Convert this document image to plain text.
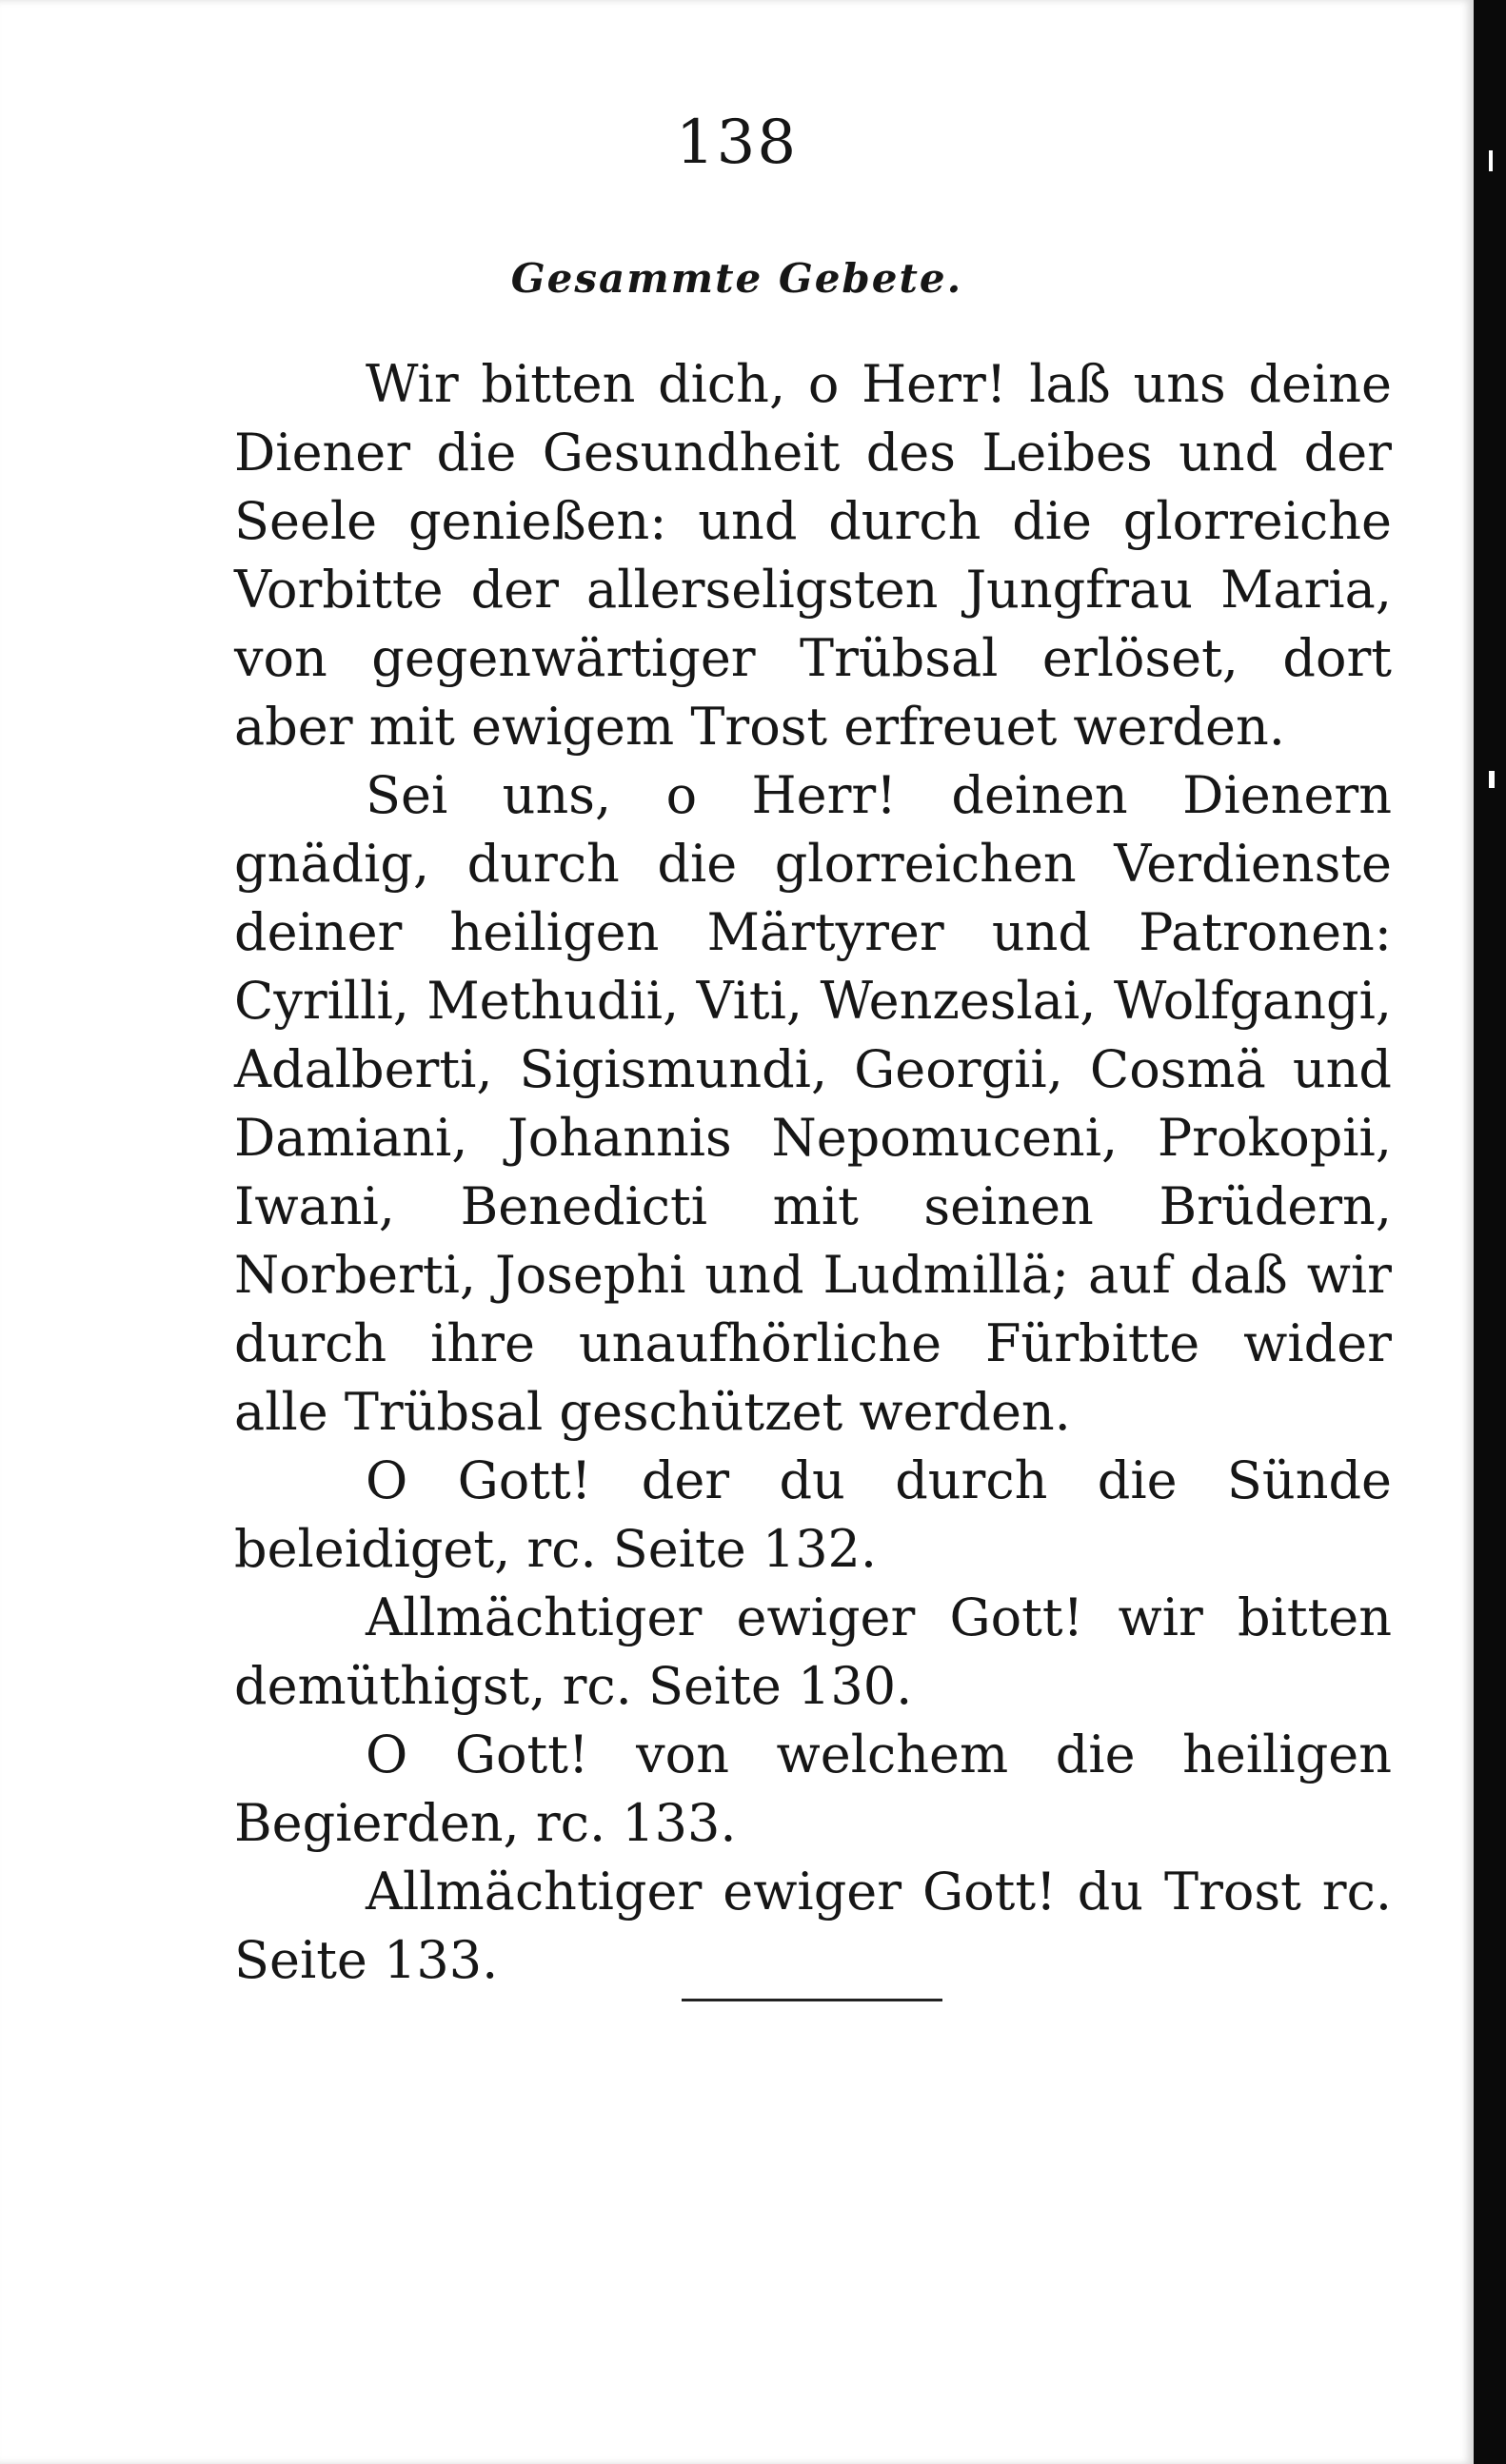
138
Gesammte Gebete.

Wir bitten dich, o Herr! laß uns deine Diener die Gesundheit des Leibes und der Seele genießen: und durch die glorreiche Vorbitte der allerseligsten Jungfrau Maria, von gegenwärtiger Trübsal erlöset, dort aber mit ewigem Trost erfreuet werden.

Sei uns, o Herr! deinen Dienern gnädig, durch die glorreichen Verdienste deiner heiligen Märtyrer und Patronen: Cyrilli, Methudii, Viti, Wenzeslai, Wolfgangi, Adalberti, Sigismundi, Georgii, Cosmä und Damiani, Johannis Nepomuceni, Prokopii, Iwani, Benedicti mit seinen Brüdern, Norberti, Josephi und Ludmillä; auf daß wir durch ihre unaufhörliche Fürbitte wider alle Trübsal geschützet werden.

O Gott! der du durch die Sünde beleidiget, rc. Seite 132.

Allmächtiger ewiger Gott! wir bitten demüthigst, rc. Seite 130.

O Gott! von welchem die heiligen Begierden, rc. 133.

Allmächtiger ewiger Gott! du Trost rc. Seite 133.
